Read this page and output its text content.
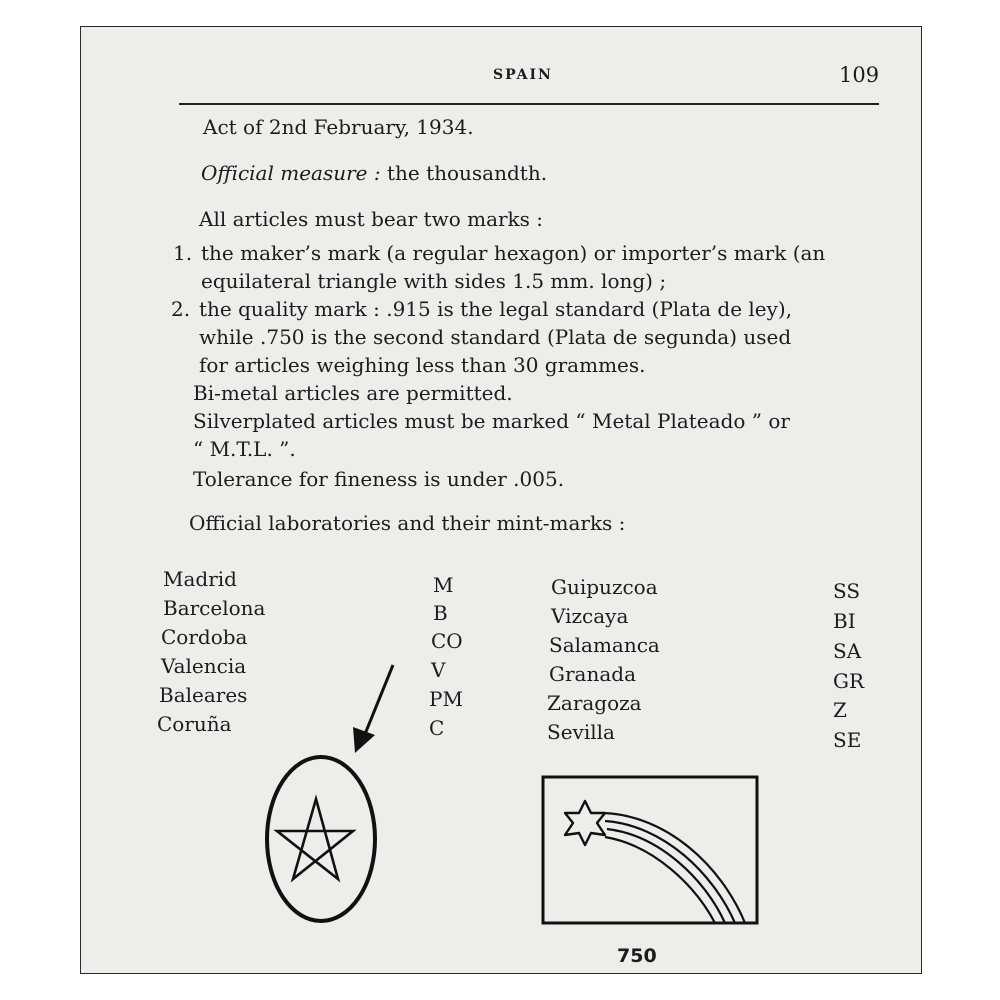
SPAIN	109
Act of 2nd February, 1934.
Official measure : the thousandth.
All articles must bear two marks :
1. the maker’s mark (a regular hexagon) or importer’s mark (an
equilateral triangle with sides 1.5 mm. long) ;
2. the quality mark : .915 is the legal standard (Plata de ley),
while .750 is the second standard (Plata de segunda) used
for articles weighing less than 30 grammes.
Bi-metal articles are permitted.
Silverplated articles must be marked “ Metal Plateado ” or
“ M.T.L. ”.
Tolerance for fineness is under .005.
Official laboratories and their mint-marks :
Madrid	M
Barcelona	B
Cordoba	CO
Valencia	V
Baleares	PM
Coruña	C
Guipuzcoa	SS
Vizcaya	BI
Salamanca	SA
Granada	GR
Zaragoza	Z
Sevilla	SE
750
